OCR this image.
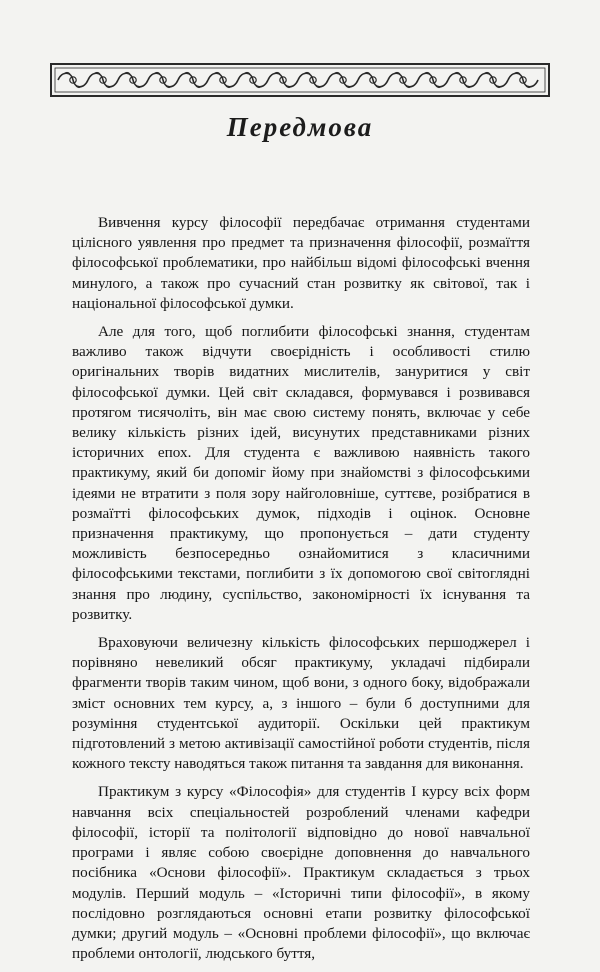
Передмова

Вивчення курсу філософії передбачає отримання студентами цілісного уявлення про предмет та призначення філософії, розмаїття філософської проблематики, про найбільш відомі філософські вчення минулого, а також про сучасний стан розвитку як світової, так і національної філософської думки.

Але для того, щоб поглибити філософські знання, студентам важливо також відчути своєрідність і особливості стилю оригінальних творів видатних мислителів, зануритися у світ філософської думки. Цей світ складався, формувався і розвивався протягом тисячоліть, він має свою систему понять, включає у себе велику кількість різних ідей, висунутих представниками різних історичних епох. Для студента є важливою наявність такого практикуму, який би допоміг йому при знайомстві з філософськими ідеями не втратити з поля зору найголовніше, суттєве, розібратися в розмаїтті філософських думок, підходів і оцінок. Основне призначення практикуму, що пропонується – дати студенту можливість безпосередньо ознайомитися з класичними філософськими текстами, поглибити з їх допомогою свої світоглядні знання про людину, суспільство, закономірності їх існування та розвитку.

Враховуючи величезну кількість філософських першоджерел і порівняно невеликий обсяг практикуму, укладачі підбирали фрагменти творів таким чином, щоб вони, з одного боку, відображали зміст основних тем курсу, а, з іншого – були б доступними для розуміння студентської аудиторії. Оскільки цей практикум підготовлений з метою активізації самостійної роботи студентів, після кожного тексту наводяться також питання та завдання для виконання.

Практикум з курсу «Філософія» для студентів І курсу всіх форм навчання всіх спеціальностей розроблений членами кафедри філософії, історії та політології відповідно до нової навчальної програми і являє собою своєрідне доповнення до навчального посібника «Основи філософії». Практикум складається з трьох модулів. Перший модуль – «Історичні типи філософії», в якому послідовно розглядаються основні етапи розвитку філософської думки; другий модуль – «Основні проблеми філософії», що включає проблеми онтології, людського буття,
